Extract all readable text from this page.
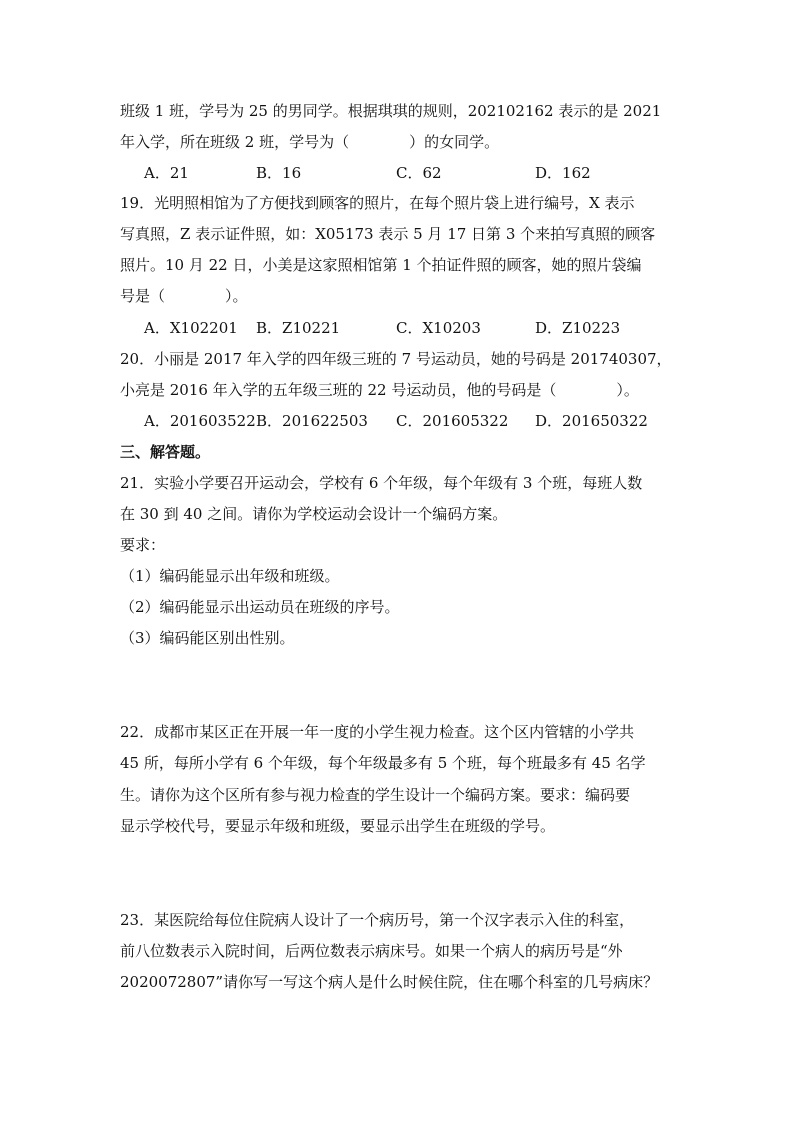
班级 1 班，学号为 25 的男同学。根据琪琪的规则，202102162 表示的是 2021
年入学，所在班级 2 班，学号为（　　　　）的女同学。
A．21	B．16	C．62	D．162
19．光明照相馆为了方便找到顾客的照片，在每个照片袋上进行编号，X 表示
写真照，Z 表示证件照，如：X05173 表示 5 月 17 日第 3 个来拍写真照的顾客
照片。10 月 22 日，小美是这家照相馆第 1 个拍证件照的顾客，她的照片袋编
号是（　　　　）。
A．X102201 B．Z10221	C．X10203	D．Z10223
20．小丽是 2017 年入学的四年级三班的 7 号运动员，她的号码是 201740307，
小亮是 2016 年入学的五年级三班的 22 号运动员，他的号码是（　　　　）。
A．201603522 B．201622503 C．201605322 D．201650322
三、解答题。
21．实验小学要召开运动会，学校有 6 个年级，每个年级有 3 个班，每班人数
在 30 到 40 之间。请你为学校运动会设计一个编码方案。
要求：
（1）编码能显示出年级和班级。
（2）编码能显示出运动员在班级的序号。
（3）编码能区别出性别。
22．成都市某区正在开展一年一度的小学生视力检查。这个区内管辖的小学共
45 所，每所小学有 6 个年级，每个年级最多有 5 个班，每个班最多有 45 名学
生。请你为这个区所有参与视力检查的学生设计一个编码方案。要求：编码要
显示学校代号，要显示年级和班级，要显示出学生在班级的学号。
23．某医院给每位住院病人设计了一个病历号，第一个汉字表示入住的科室，
前八位数表示入院时间，后两位数表示病床号。如果一个病人的病历号是“外
2020072807”请你写一写这个病人是什么时候住院，住在哪个科室的几号病床？
